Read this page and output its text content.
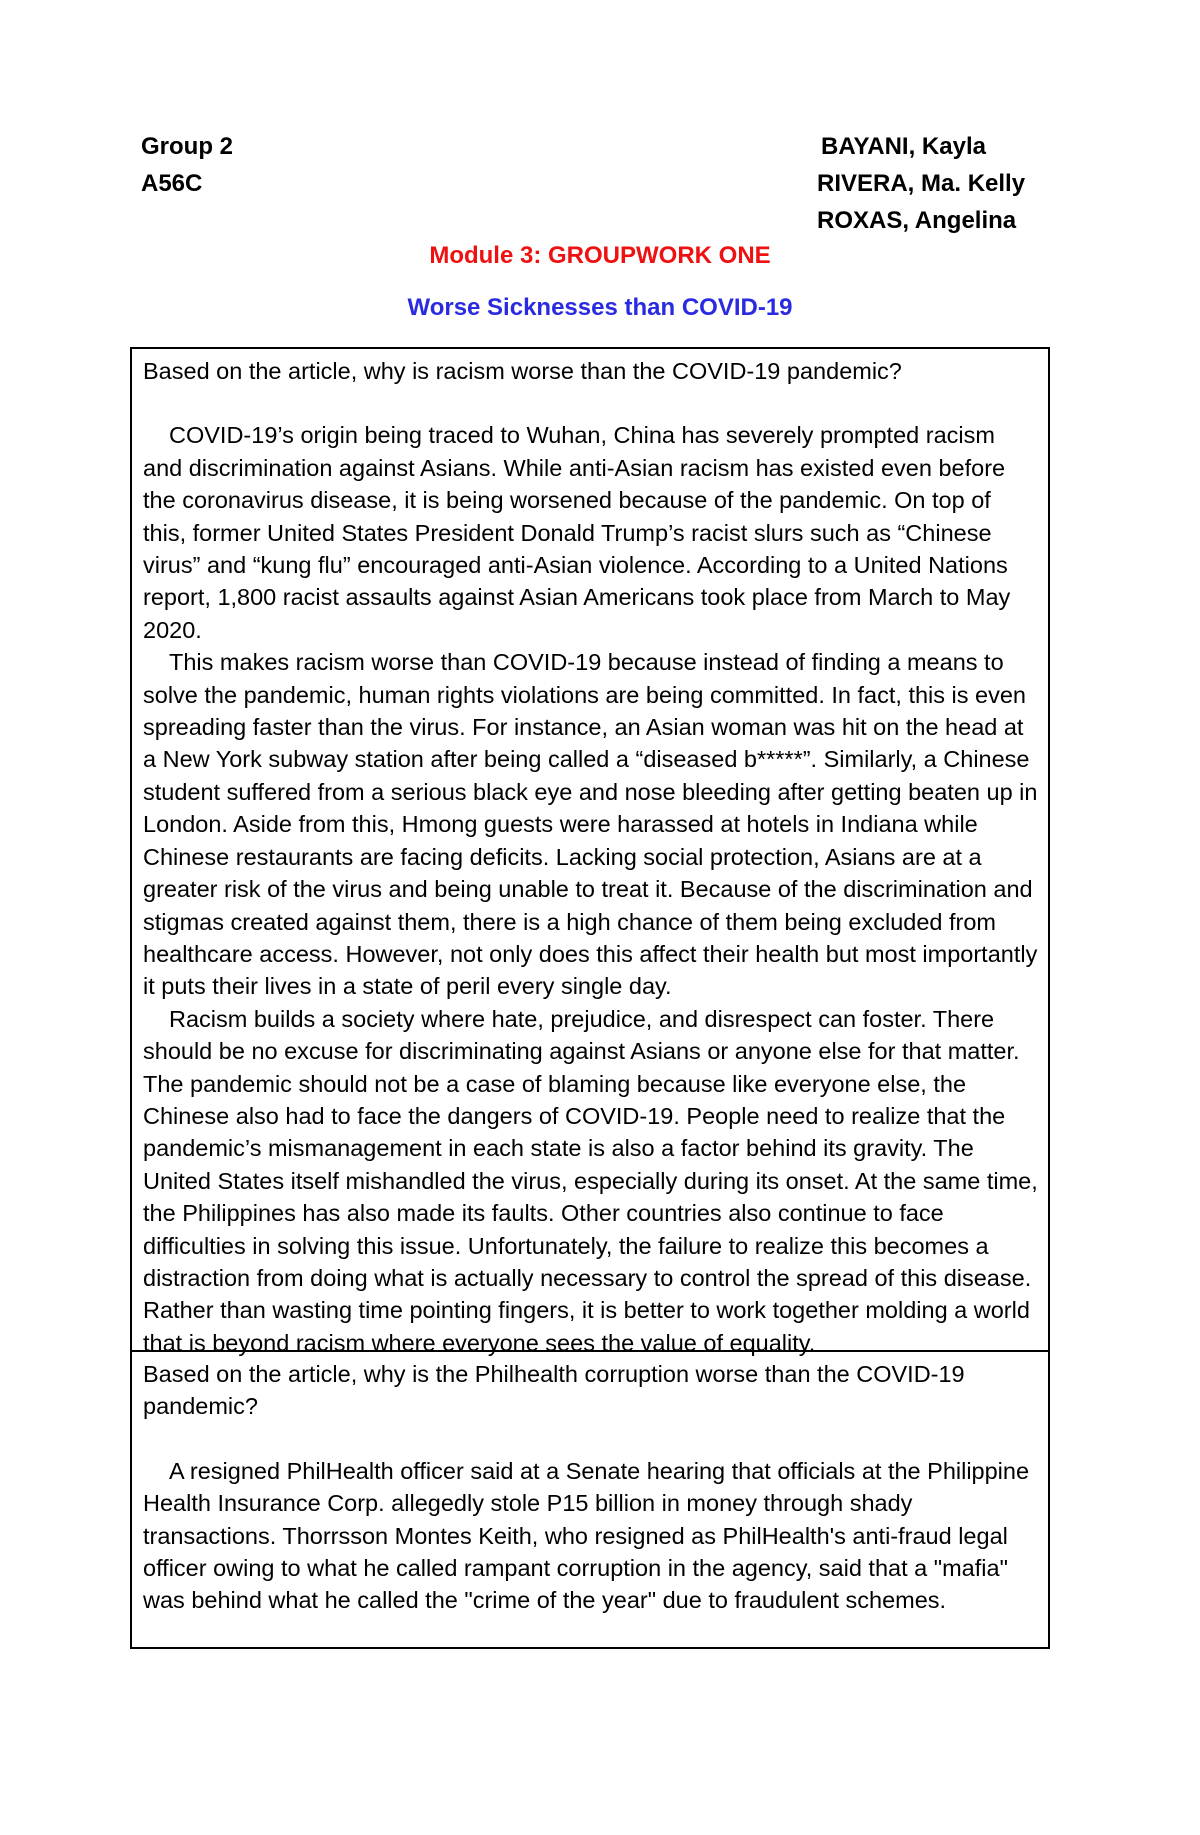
Group 2	BAYANI, Kayla
A56C	RIVERA, Ma. Kelly
ROXAS, Angelina
Module 3: GROUPWORK ONE
Worse Sicknesses than COVID-19

Based on the article, why is racism worse than the COVID-19 pandemic?

COVID-19’s origin being traced to Wuhan, China has severely prompted racism and discrimination against Asians. While anti-Asian racism has existed even before the coronavirus disease, it is being worsened because of the pandemic. On top of this, former United States President Donald Trump’s racist slurs such as “Chinese virus” and “kung flu” encouraged anti-Asian violence. According to a United Nations report, 1,800 racist assaults against Asian Americans took place from March to May 2020.

This makes racism worse than COVID-19 because instead of finding a means to solve the pandemic, human rights violations are being committed. In fact, this is even spreading faster than the virus. For instance, an Asian woman was hit on the head at a New York subway station after being called a “diseased b*****”. Similarly, a Chinese student suffered from a serious black eye and nose bleeding after getting beaten up in London. Aside from this, Hmong guests were harassed at hotels in Indiana while Chinese restaurants are facing deficits. Lacking social protection, Asians are at a greater risk of the virus and being unable to treat it. Because of the discrimination and stigmas created against them, there is a high chance of them being excluded from healthcare access. However, not only does this affect their health but most importantly it puts their lives in a state of peril every single day.

Racism builds a society where hate, prejudice, and disrespect can foster. There should be no excuse for discriminating against Asians or anyone else for that matter. The pandemic should not be a case of blaming because like everyone else, the Chinese also had to face the dangers of COVID-19. People need to realize that the pandemic’s mismanagement in each state is also a factor behind its gravity. The United States itself mishandled the virus, especially during its onset. At the same time, the Philippines has also made its faults. Other countries also continue to face difficulties in solving this issue. Unfortunately, the failure to realize this becomes a distraction from doing what is actually necessary to control the spread of this disease. Rather than wasting time pointing fingers, it is better to work together molding a world that is beyond racism where everyone sees the value of equality.

Based on the article, why is the Philhealth corruption worse than the COVID-19 pandemic?

A resigned PhilHealth officer said at a Senate hearing that officials at the Philippine Health Insurance Corp. allegedly stole P15 billion in money through shady transactions. Thorrsson Montes Keith, who resigned as PhilHealth's anti-fraud legal officer owing to what he called rampant corruption in the agency, said that a "mafia" was behind what he called the "crime of the year" due to fraudulent schemes.
